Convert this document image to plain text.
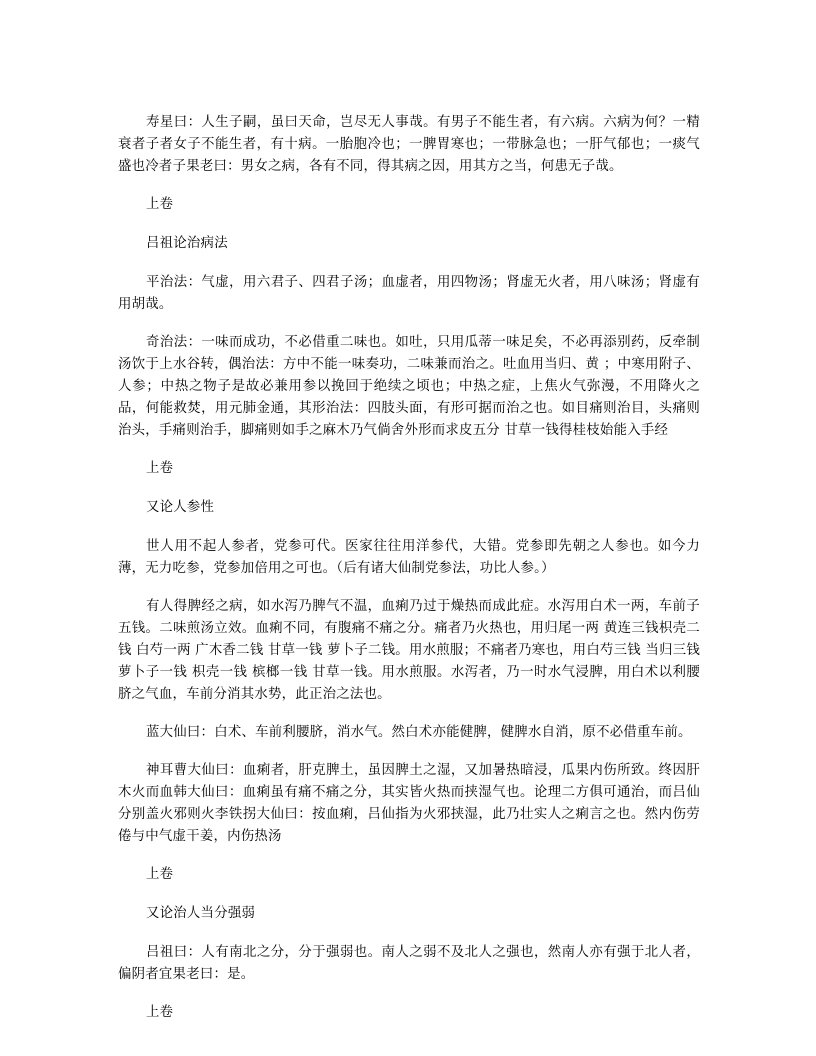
寿星曰：人生子嗣，虽曰天命，岂尽无人事哉。有男子不能生者，有六病。六病为何？一精衰者子者女子不能生者，有十病。一胎胞冷也；一脾胃寒也；一带脉急也；一肝气郁也；一痰气盛也冷者子果老曰：男女之病，各有不同，得其病之因，用其方之当，何患无子哉。

上卷

吕祖论治病法

平治法：气虚，用六君子、四君子汤；血虚者，用四物汤；肾虚无火者，用八味汤；肾虚有用胡哉。

奇治法：一味而成功，不必借重二味也。如吐，只用瓜蒂一味足矣，不必再添别药，反牵制汤饮于上水谷转，偶治法：方中不能一味奏功，二味兼而治之。吐血用当归、黄 ；中寒用附子、人参；中热之物子是故必兼用参以挽回于绝续之顷也；中热之症，上焦火气弥漫，不用降火之品，何能救焚，用元肺金通，其形治法：四肢头面，有形可据而治之也。如目痛则治目，头痛则治头，手痛则治手，脚痛则如手之麻木乃气倘舍外形而求皮五分 甘草一钱得桂枝始能入手经

上卷

又论人参性

世人用不起人参者，党参可代。医家往往用洋参代，大错。党参即先朝之人参也。如今力薄，无力吃参，党参加倍用之可也。（后有诸大仙制党参法，功比人参。）

有人得脾经之病，如水泻乃脾气不温，血痢乃过于燥热而成此症。水泻用白术一两，车前子五钱。二味煎汤立效。血痢不同，有腹痛不痛之分。痛者乃火热也，用归尾一两 黄连三钱枳壳二钱 白芍一两 广木香二钱 甘草一钱 萝卜子二钱。用水煎服；不痛者乃寒也，用白芍三钱 当归三钱 萝卜子一钱 枳壳一钱 槟榔一钱 甘草一钱。用水煎服。水泻者，乃一时水气浸脾，用白术以利腰脐之气血，车前分消其水势，此正治之法也。

蓝大仙曰：白术、车前利腰脐，消水气。然白术亦能健脾，健脾水自消，原不必借重车前。

神耳曹大仙曰：血痢者，肝克脾土，虽因脾土之湿，又加暑热暗浸，瓜果内伤所致。终因肝木火而血韩大仙曰：血痢虽有痛不痛之分，其实皆火热而挟湿气也。论理二方俱可通治，而吕仙分别盖火邪则火李铁拐大仙曰：按血痢，吕仙指为火邪挟湿，此乃壮实人之痢言之也。然内伤劳倦与中气虚干姜，内伤热汤

上卷

又论治人当分强弱

吕祖曰：人有南北之分，分于强弱也。南人之弱不及北人之强也，然南人亦有强于北人者，偏阴者宜果老曰：是。

上卷
